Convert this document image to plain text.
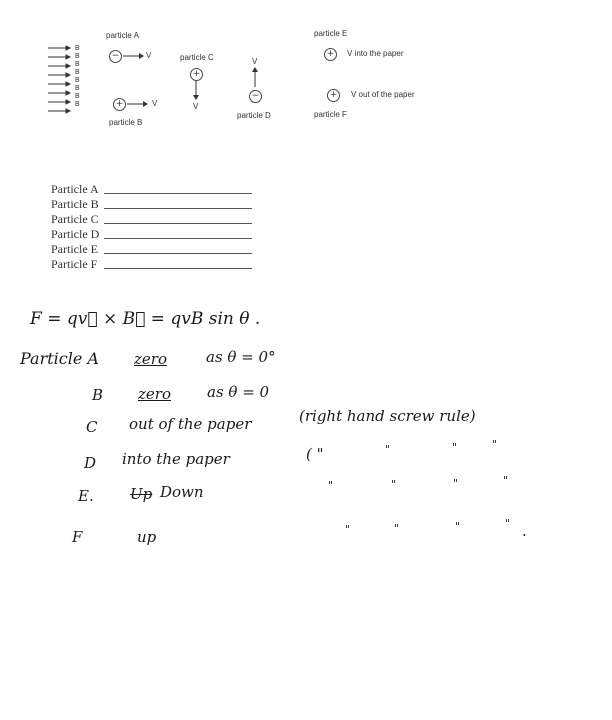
B
B
B
B
B
B
B
B
particle A
−	V
+	V
particle B
particle C
+
V
V
−
particle D
particle E
+	V into the paper
+	V out of the paper
particle F
Particle A
Particle B
Particle C
Particle D
Particle E
Particle F
F = qv⃗ × B⃗ = qvB sin θ .
Particle A zero	as θ = 0°
B zero as θ = 0
C out of the paper	(right hand screw rule)
D into the paper	( "	"	"	"
E. Up Down	"	"	"	"
F	up	"	"	"	" .
